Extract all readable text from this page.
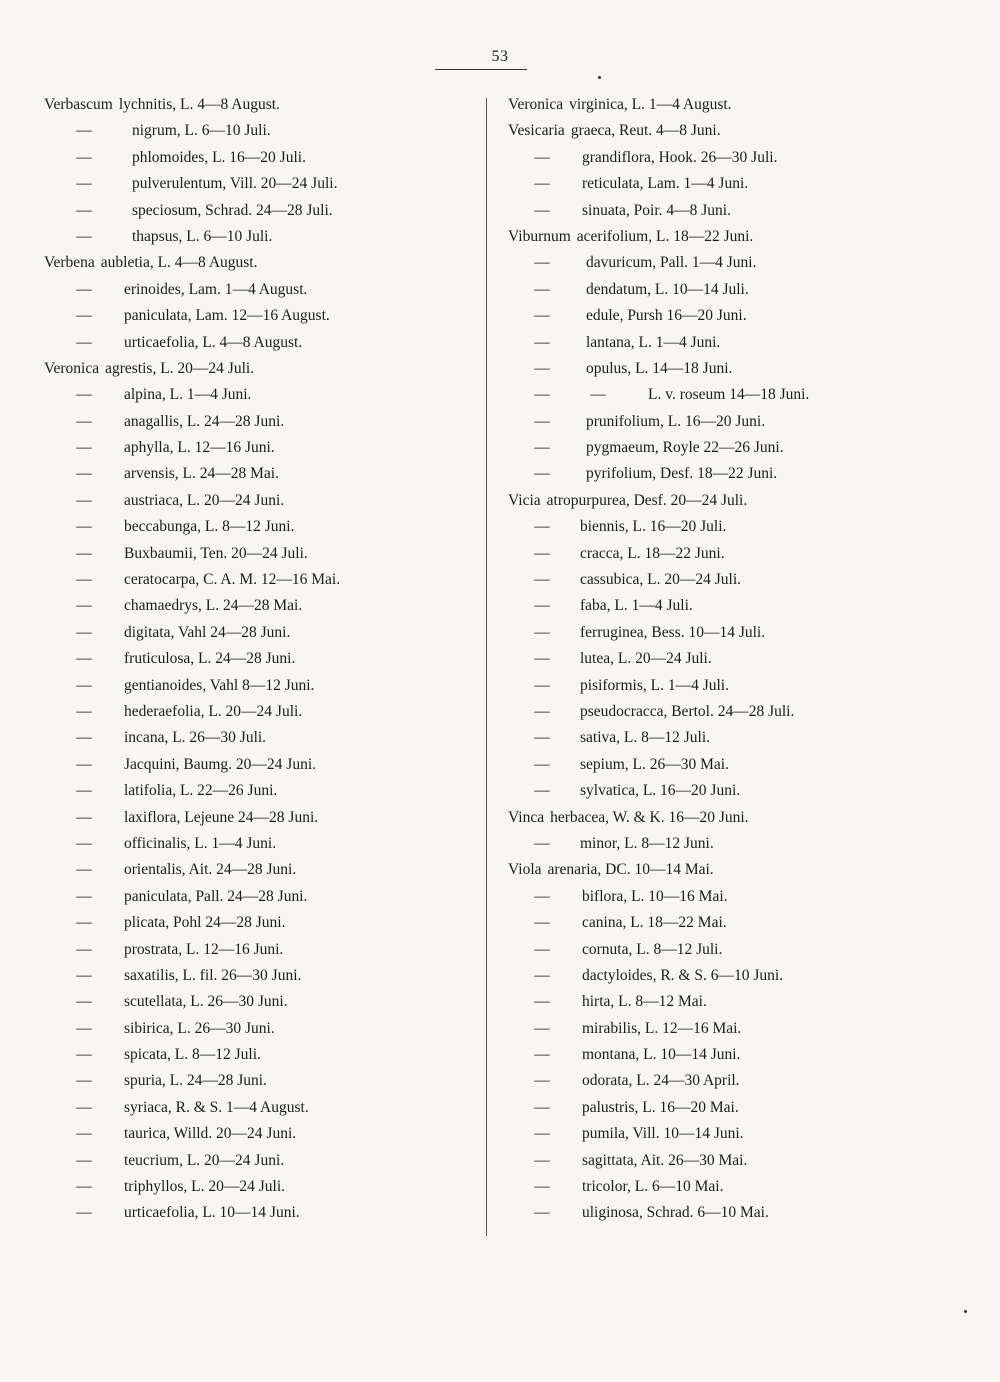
53
Verbascum lychnitis, L. 4—8 August.
—	nigrum, L. 6—10 Juli.
—	phlomoides, L. 16—20 Juli.
—	pulverulentum, Vill. 20—24 Juli.
—	speciosum, Schrad. 24—28 Juli.
—	thapsus, L. 6—10 Juli.
Verbena aubletia, L. 4—8 August.
— erinoides, Lam. 1—4 August.
— paniculata, Lam. 12—16 August.
— urticaefolia, L. 4—8 August.
Veronica agrestis, L. 20—24 Juli.
— alpina, L. 1—4 Juni.
— anagallis, L. 24—28 Juni.
— aphylla, L. 12—16 Juni.
— arvensis, L. 24—28 Mai.
— austriaca, L. 20—24 Juni.
— beccabunga, L. 8—12 Juni.
— Buxbaumii, Ten. 20—24 Juli.
— ceratocarpa, C. A. M. 12—16 Mai.
— chamaedrys, L. 24—28 Mai.
— digitata, Vahl 24—28 Juni.
— fruticulosa, L. 24—28 Juni.
— gentianoides, Vahl 8—12 Juni.
— hederaefolia, L. 20—24 Juli.
— incana, L. 26—30 Juli.
— Jacquini, Baumg. 20—24 Juni.
— latifolia, L. 22—26 Juni.
— laxiflora, Lejeune 24—28 Juni.
— officinalis, L. 1—4 Juni.
— orientalis, Ait. 24—28 Juni.
— paniculata, Pall. 24—28 Juni.
— plicata, Pohl 24—28 Juni.
— prostrata, L. 12—16 Juni.
— saxatilis, L. fil. 26—30 Juni.
— scutellata, L. 26—30 Juni.
— sibirica, L. 26—30 Juni.
— spicata, L. 8—12 Juli.
— spuria, L. 24—28 Juni.
— syriaca, R. & S. 1—4 August.
— taurica, Willd. 20—24 Juni.
— teucrium, L. 20—24 Juni.
— triphyllos, L. 20—24 Juli.
— urticaefolia, L. 10—14 Juni.
Veronica virginica, L. 1—4 August.
Vesicaria graeca, Reut. 4—8 Juni.
— grandiflora, Hook. 26—30 Juli.
— reticulata, Lam. 1—4 Juni.
— sinuata, Poir. 4—8 Juni.
Viburnum acerifolium, L. 18—22 Juni.
— davuricum, Pall. 1—4 Juni.
— dendatum, L. 10—14 Juli.
— edule, Pursh 16—20 Juni.
— lantana, L. 1—4 Juni.
— opulus, L. 14—18 Juni.
—	—	L. v. roseum 14—18 Juni.
— prunifolium, L. 16—20 Juni.
— pygmaeum, Royle 22—26 Juni.
— pyrifolium, Desf. 18—22 Juni.
Vicia atropurpurea, Desf. 20—24 Juli.
— biennis, L. 16—20 Juli.
— cracca, L. 18—22 Juni.
— cassubica, L. 20—24 Juli.
— faba, L. 1—4 Juli.
— ferruginea, Bess. 10—14 Juli.
— lutea, L. 20—24 Juli.
— pisiformis, L. 1—4 Juli.
— pseudocracca, Bertol. 24—28 Juli.
— sativa, L. 8—12 Juli.
— sepium, L. 26—30 Mai.
— sylvatica, L. 16—20 Juni.
Vinca herbacea, W. & K. 16—20 Juni.
— minor, L. 8—12 Juni.
Viola arenaria, DC. 10—14 Mai.
— biflora, L. 10—16 Mai.
— canina, L. 18—22 Mai.
— cornuta, L. 8—12 Juli.
— dactyloides, R. & S. 6—10 Juni.
— hirta, L. 8—12 Mai.
— mirabilis, L. 12—16 Mai.
— montana, L. 10—14 Juni.
— odorata, L. 24—30 April.
— palustris, L. 16—20 Mai.
— pumila, Vill. 10—14 Juni.
— sagittata, Ait. 26—30 Mai.
— tricolor, L. 6—10 Mai.
— uliginosa, Schrad. 6—10 Mai.
